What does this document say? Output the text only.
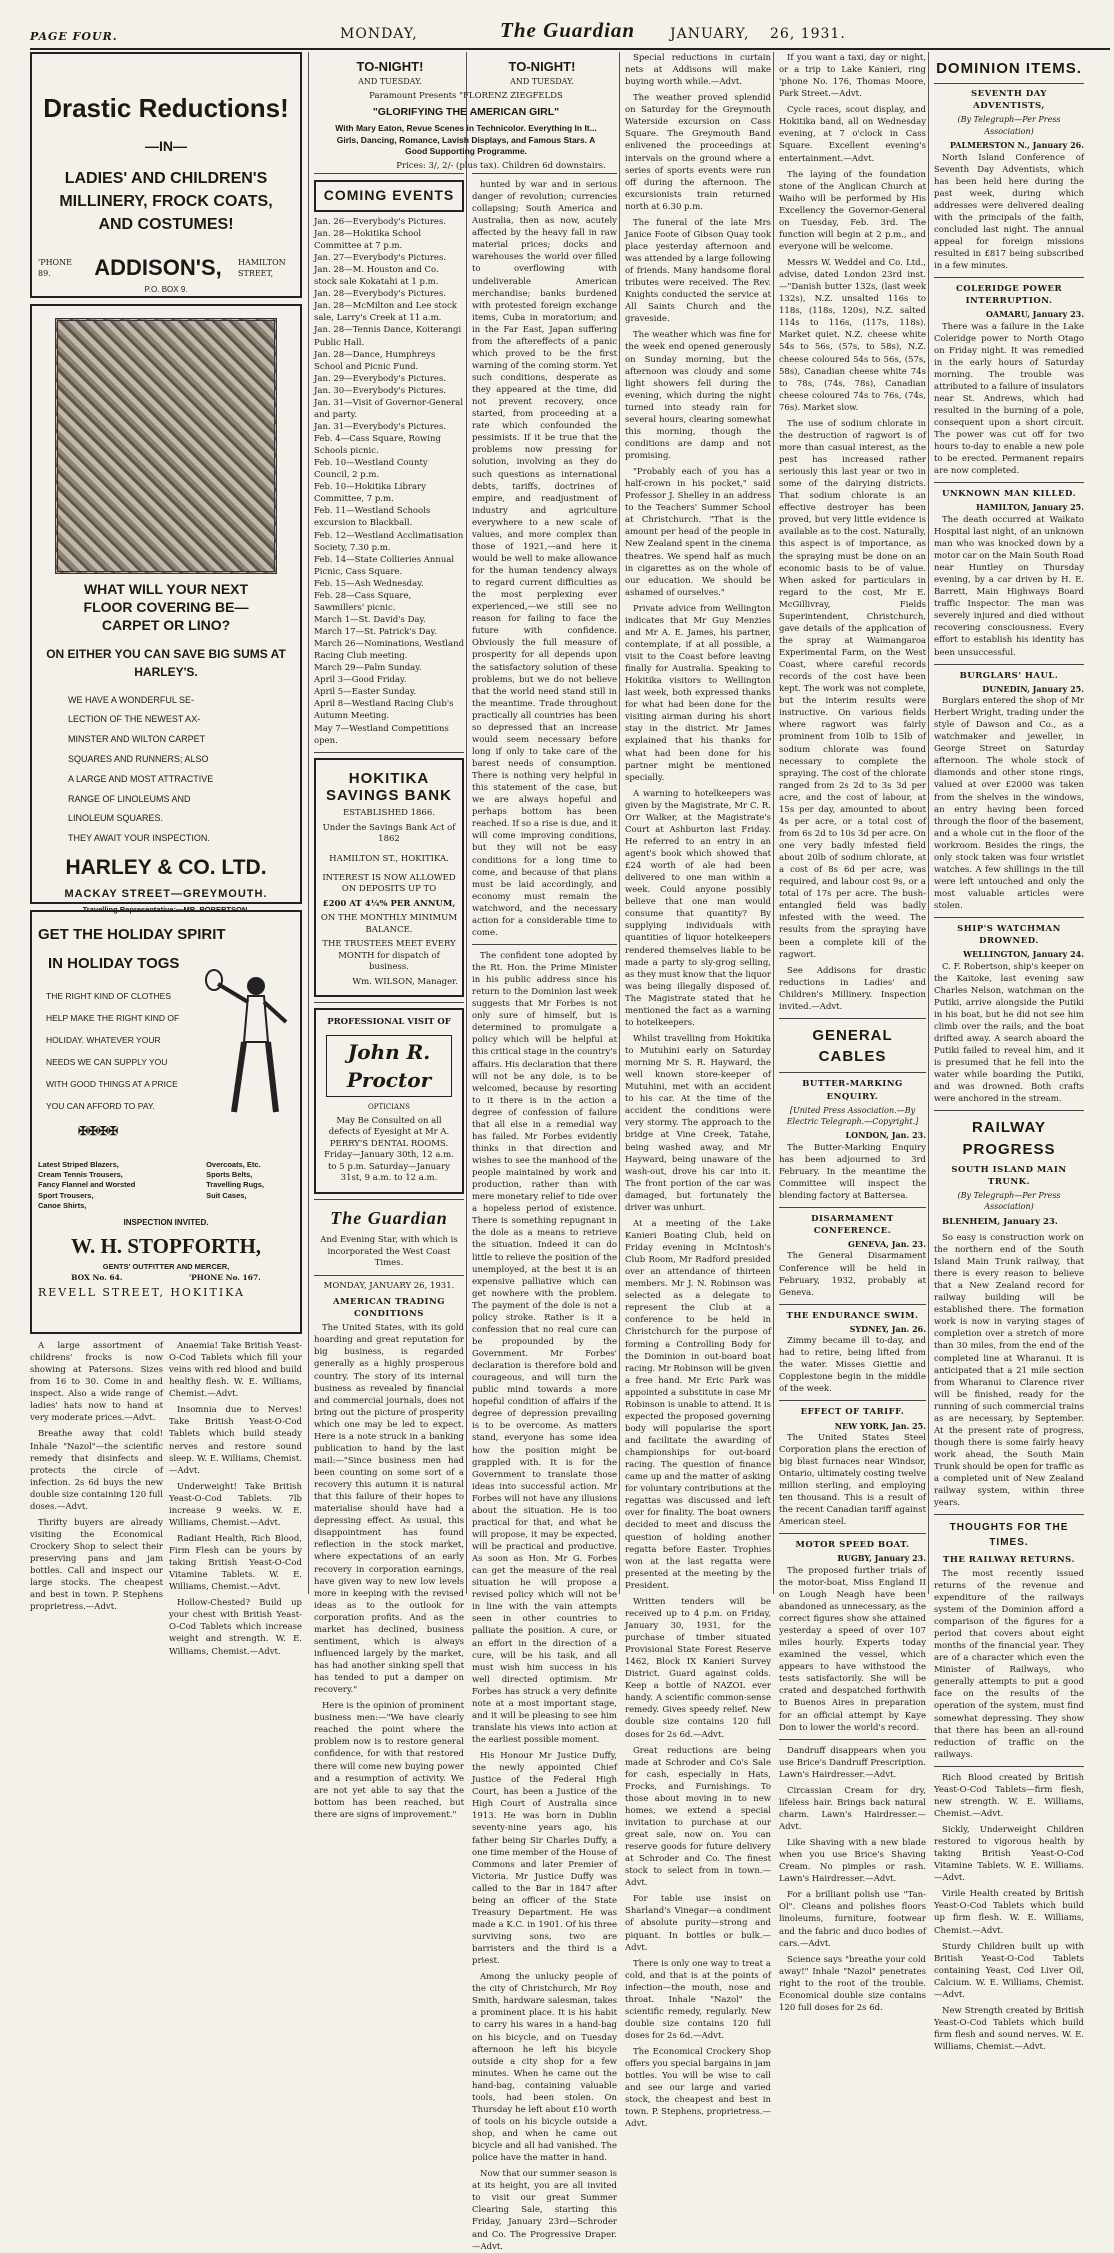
PAGE FOUR.	MONDAY,	The Guardian JANUARY, 26, 1931.
Drastic Reductions!
—IN—
LADIES' AND CHILDREN'S MILLINERY, FROCK COATS, AND COSTUMES!
'PHONE 89.	ADDISON'S, HAMILTON STREET,
P.O. BOX 9.
WHAT WILL YOUR NEXT FLOOR COVERING BE—CARPET OR LINO?
ON EITHER YOU CAN SAVE BIG SUMS AT HARLEY'S.
WE HAVE A WONDERFUL SE-
LECTION OF THE NEWEST AX-
MINSTER AND WILTON CARPET
SQUARES AND RUNNERS; ALSO
A LARGE AND MOST ATTRACTIVE
RANGE OF LINOLEUMS AND
LINOLEUM SQUARES.
THEY AWAIT YOUR INSPECTION.
HARLEY & CO. LTD.
MACKAY STREET—GREYMOUTH.
Travelling Representative:—MR. ROBERTSON.
GET THE HOLIDAY SPIRIT
IN HOLIDAY TOGS
THE RIGHT KIND OF CLOTHES
HELP MAKE THE RIGHT KIND OF
HOLIDAY. WHATEVER YOUR
NEEDS WE CAN SUPPLY YOU
WITH GOOD THINGS AT A PRICE
YOU CAN AFFORD TO PAY.
✠✠✠✠
Latest Striped Blazers,
Cream Tennis Trousers,
Fancy Flannel and Worsted
Sport Trousers,
Canoe Shirts,
Overcoats, Etc.
Sports Belts,
Travelling Rugs,
Suit Cases,
INSPECTION INVITED.
W. H. STOPFORTH,
GENTS' OUTFITTER AND MERCER,
BOX No. 64.	'PHONE No. 167.
REVELL STREET, HOKITIKA

A large assortment of childrens' frocks is now showing at Patersons. Sizes from 16 to 30. Come in and inspect. Also a wide range of ladies' hats now to hand at very moderate prices.—Advt.

Breathe away that cold! Inhale "Nazol"—the scientific remedy that disinfects and protects the circle of infection. 2s 6d buys the new double size containing 120 full doses.—Advt.

Thrifty buyers are already visiting the Economical Crockery Shop to select their preserving pans and jam bottles. Call and inspect our large stocks. The cheapest and best in town. P. Stephens proprietress.—Advt.

Anaemia! Take British Yeast-O-Cod Tablets which fill your veins with red blood and build healthy flesh. W. E. Williams, Chemist.—Advt.

Insomnia due to Nerves! Take British Yeast-O-Cod Tablets which build steady nerves and restore sound sleep. W. E. Williams, Chemist.—Advt.

Underweight! Take British Yeast-O-Cod Tablets. 7lb increase 9 weeks. W. E. Williams, Chemist.—Advt.

Radiant Health, Rich Blood, Firm Flesh can be yours by taking British Yeast-O-Cod Vitamine Tablets. W. E. Williams, Chemist.—Advt.

Hollow-Chested? Build up your chest with British Yeast-O-Cod Tablets which increase weight and strength. W. E. Williams, Chemist.—Advt.

TO-NIGHT!	TO-NIGHT!
AND TUESDAY.	AND TUESDAY.
Paramount Presents "FLORENZ ZIEGFELDS
"GLORIFYING THE AMERICAN GIRL"
With Mary Eaton, Revue Scenes in Technicolor. Everything In It... Girls, Dancing, Romance, Lavish Displays, and Famous Stars. A Good Supporting Programme.
Prices: 3/, 2/- (plus tax). Children 6d downstairs.
COMING EVENTS
Jan. 26—Everybody's Pictures.
Jan. 28—Hokitika School Committee at 7 p.m.
Jan. 27—Everybody's Pictures.
Jan. 28—M. Houston and Co. stock sale Kokatahi at 1 p.m.
Jan. 28—Everybody's Pictures.
Jan. 28—McMilton and Lee stock sale, Larry's Creek at 11 a.m.
Jan. 28—Tennis Dance, Koiterangi Public Hall.
Jan. 28—Dance, Humphreys School and Picnic Fund.
Jan. 29—Everybody's Pictures.
Jan. 30—Everybody's Pictures.
Jan. 31—Visit of Governor-General and party.
Jan. 31—Everybody's Pictures.
Feb. 4—Cass Square, Rowing Schools picnic.
Feb. 10—Westland County Council, 2 p.m.
Feb. 10—Hokitika Library Committee, 7 p.m.
Feb. 11—Westland Schools excursion to Blackball.
Feb. 12—Westland Acclimatisation Society, 7.30 p.m.
Feb. 14—State Collieries Annual Picnic, Cass Square.
Feb. 15—Ash Wednesday.
Feb. 28—Cass Square, Sawmillers' picnic.
March 1—St. David's Day.
March 17—St. Patrick's Day.
March 26—Nominations, Westland Racing Club meeting.
March 29—Palm Sunday.
April 3—Good Friday.
April 5—Easter Sunday.
April 8—Westland Racing Club's Autumn Meeting.
May 7—Westland Competitions open.
HOKITIKA SAVINGS BANK
ESTABLISHED 1866.
Under the Savings Bank Act of 1862
HAMILTON ST., HOKITIKA.
INTEREST IS NOW ALLOWED ON DEPOSITS UP TO
£200 AT 4¼% PER ANNUM,
ON THE MONTHLY MINIMUM BALANCE.
THE TRUSTEES MEET EVERY MONTH for dispatch of business.
Wm. WILSON, Manager.
PROFESSIONAL VISIT OF
John R. Proctor
OPTICIANS
May Be Consulted on all defects of Eyesight at Mr A. PERRY'S DENTAL ROOMS. Friday—January 30th, 12 a.m. to 5 p.m. Saturday—January 31st, 9 a.m. to 12 a.m.
The Guardian
And Evening Star, with which is incorporated the West Coast Times.
MONDAY, JANUARY 26, 1931.
AMERICAN TRADING CONDITIONS

The United States, with its gold hoarding and great reputation for big business, is regarded generally as a highly prosperous country. The story of its internal business as revealed by financial and commercial journals, does not bring out the picture of prosperity which one may be led to expect. Here is a note struck in a banking publication to hand by the last mail:—"Since business men had been counting on some sort of a recovery this autumn it is natural that this failure of their hopes to materialise should have had a depressing effect. As usual, this disappointment has found reflection in the stock market, where expectations of an early recovery in corporation earnings, have given way to new low levels more in keeping with the revised ideas as to the outlook for corporation profits. And as the market has declined, business sentiment, which is always influenced largely by the market, has had another sinking spell that has tended to put a damper on recovery."

Here is the opinion of prominent business men:—"We have clearly reached the point where the problem now is to restore general confidence, for with that restored there will come new buying power and a resumption of activity. We are not yet able to say that the bottom has been reached, but there are signs of improvement."

hunted by war and in serious danger of revolution; currencies collapsing; South America and Australia, then as now, acutely affected by the heavy fall in raw material prices; docks and warehouses the world over filled to overflowing with undeliverable American merchandise; banks burdened with protested foreign exchange items, Cuba in moratorium; and in the Far East, Japan suffering from the aftereffects of a panic which proved to be the first warning of the coming storm. Yet such conditions, desperate as they appeared at the time, did not prevent recovery, once started, from proceeding at a rate which confounded the pessimists. If it be true that the problems now pressing for solution, involving as they do such questions as international debts, tariffs, doctrines of empire, and readjustment of industry and agriculture everywhere to a new scale of values, and more complex than those of 1921,—and here it would be well to make allowance for the human tendency always to regard current difficulties as the most perplexing ever experienced,—we still see no reason for failing to face the future with confidence. Obviously the full measure of prosperity for all depends upon the satisfactory solution of these problems, but we do not believe that the world need stand still in the meantime. Trade throughout practically all countries has been so depressed that an increase would seem necessary before long if only to take care of the barest needs of consumption. There is nothing very helpful in this statement of the case, but we are always hopeful and perhaps bottom has been reached. If so a rise is due, and it will come improving conditions, but they will not be easy conditions for a long time to come, and because of that plans must be laid accordingly, and economy must remain the watchword, and the necessary action for a considerable time to come.

The confident tone adopted by the Rt. Hon. the Prime Minister in his public address since his return to the Dominion last week suggests that Mr Forbes is not only sure of himself, but is determined to promulgate a policy which will be helpful at this critical stage in the country's affairs. His declaration that there will not be any dole, is to be welcomed, because by resorting to it there is in the action a degree of confession of failure that all else in a remedial way has failed. Mr Forbes evidently thinks in that direction and wishes to see the manhood of the people maintained by work and production, rather than with mere monetary relief to tide over a hopeless period of existence. There is something repugnant in the dole as a means to retrieve the situation. Indeed it can do little to relieve the position of the unemployed, at the best it is an expensive palliative which can get nowhere with the problem. The payment of the dole is not a policy stroke. Rather is it a confession that no real cure can be propounded by the Government. Mr Forbes' declaration is therefore bold and courageous, and will turn the public mind towards a more hopeful condition of affairs if the degree of depression prevailing is to be overcome. As matters stand, everyone has some idea how the position might be grappled with. It is for the Government to translate those ideas into successful action. Mr Forbes will not have any illusions about the situation. He is too practical for that, and what he will propose, it may be expected, will be practical and productive. As soon as Hon. Mr G. Forbes can get the measure of the real situation he will propose a revised policy which will not be in line with the vain attempts seen in other countries to palliate the position. A cure, or an effort in the direction of a cure, will be his task, and all must wish him success in his well directed optimism. Mr Forbes has struck a very definite note at a most important stage, and it will be pleasing to see him translate his views into action at the earliest possible moment.

His Honour Mr Justice Duffy, the newly appointed Chief Justice of the Federal High Court, has been a Justice of the High Court of Australia since 1913. He was born in Dublin seventy-nine years ago, his father being Sir Charles Duffy, a one time member of the House of Commons and later Premier of Victoria. Mr Justice Duffy was called to the Bar in 1847 after being an officer of the State Treasury Department. He was made a K.C. in 1901. Of his three surviving sons, two are barristers and the third is a priest.

Among the unlucky people of the city of Christchurch, Mr Roy Smith, hardware salesman, takes a prominent place. It is his habit to carry his wares in a hand-bag on his bicycle, and on Tuesday afternoon he left his bicycle outside a city shop for a few minutes. When he came out the hand-bag, containing valuable tools, had been stolen. On Thursday he left about £10 worth of tools on his bicycle outside a shop, and when he came out bicycle and all had vanished. The police have the matter in hand.

Now that our summer season is at its height, you are all invited to visit our great Summer Clearing Sale, starting this Friday, January 23rd—Schroder and Co. The Progressive Draper.—Advt.

Special reductions in curtain nets at Addisons will make buying worth while.—Advt.

The weather proved splendid on Saturday for the Greymouth Waterside excursion on Cass Square. The Greymouth Band enlivened the proceedings at intervals on the ground where a series of sports events were run off during the afternoon. The excursionists train returned north at 6.30 p.m.

The funeral of the late Mrs Janice Foote of Gibson Quay took place yesterday afternoon and was attended by a large following of friends. Many handsome floral tributes were received. The Rev. Knights conducted the service at All Saints Church and the graveside.

The weather which was fine for the week end opened generously on Sunday morning, but the afternoon was cloudy and some light showers fell during the evening, which during the night turned into steady rain for several hours, clearing somewhat this morning, though the conditions are damp and not promising.

"Probably each of you has a half-crown in his pocket," said Professor J. Shelley in an address to the Teachers' Summer School at Christchurch. "That is the amount per head of the people in New Zealand spent in the cinema theatres. We spend half as much in cigarettes as on the whole of our education. We should be ashamed of ourselves."

Private advice from Wellington indicates that Mr Guy Menzies and Mr A. E. James, his partner, contemplate, if at all possible, a visit to the Coast before leaving finally for Australia. Speaking to Hokitika visitors to Wellington last week, both expressed thanks for what had been done for the visiting airman during his short stay in the district. Mr James explained that his thanks for what had been done for his partner might be mentioned specially.

A warning to hotelkeepers was given by the Magistrate, Mr C. R. Orr Walker, at the Magistrate's Court at Ashburton last Friday. He referred to an entry in an agent's book which showed that £24 worth of ale had been delivered to one man within a week. Could anyone possibly believe that one man would consume that quantity? By supplying individuals with quantities of liquor hotelkeepers rendered themselves liable to be made a party to sly-grog selling, as they must know that the liquor was being illegally disposed of. The Magistrate stated that he mentioned the fact as a warning to hotelkeepers.

Whilst travelling from Hokitika to Mutuhini early on Saturday morning Mr S. R. Hayward, the well known store-keeper of Mutuhini, met with an accident to his car. At the time of the accident the conditions were very stormy. The approach to the bridge at Vine Creek, Tatahe, being washed away, and Mr Hayward, being unaware of the wash-out, drove his car into it. The front portion of the car was damaged, but fortunately the driver was unhurt.

At a meeting of the Lake Kanieri Boating Club, held on Friday evening in McIntosh's Club Room, Mr Radford presided over an attendance of thirteen members. Mr J. N. Robinson was selected as a delegate to represent the Club at a conference to be held in Christchurch for the purpose of forming a Controlling Body for the Dominion in out-board boat racing. Mr Robinson will be given a free hand. Mr Eric Park was appointed a substitute in case Mr Robinson is unable to attend. It is expected the proposed governing body will popularise the sport and facilitate the awarding of championships for out-board racing. The question of finance came up and the matter of asking for voluntary contributions at the regattas was discussed and left over for finality. The boat owners decided to meet and discuss the question of holding another regatta before Easter. Trophies won at the last regatta were presented at the meeting by the President.

Written tenders will be received up to 4 p.m. on Friday, January 30, 1931, for the purchase of timber situated Provisional State Forest Reserve 1462, Block IX Kanieri Survey District. Guard against colds. Keep a bottle of NAZOL ever handy. A scientific common-sense remedy. Gives speedy relief. New double size contains 120 full doses for 2s 6d.—Advt.

Great reductions are being made at Schroder and Co's Sale for cash, especially in Hats, Frocks, and Furnishings. To those about moving in to new homes, we extend a special invitation to purchase at our great sale, now on. You can reserve goods for future delivery at Schroder and Co. The finest stock to select from in town.—Advt.

For table use insist on Sharland's Vinegar—a condiment of absolute purity—strong and piquant. In bottles or bulk.—Advt.

There is only one way to treat a cold, and that is at the points of infection—the mouth, nose and throat. Inhale "Nazol" the scientific remedy, regularly. New double size contains 120 full doses for 2s 6d.—Advt.

The Economical Crockery Shop offers you special bargains in jam bottles. You will be wise to call and see our large and varied stock, the cheapest and best in town. P. Stephens, proprietress.—Advt.

If you want a taxi, day or night, or a trip to Lake Kanieri, ring 'phone No. 176, Thomas Moore, Park Street.—Advt.

Cycle races, scout display, and Hokitika band, all on Wednesday evening, at 7 o'clock in Cass Square. Excellent evening's entertainment.—Advt.

The laying of the foundation stone of the Anglican Church at Waiho will be performed by His Excellency the Governor-General on Tuesday, Feb. 3rd. The function will begin at 2 p.m., and everyone will be welcome.

Messrs W. Weddel and Co. Ltd., advise, dated London 23rd inst.—"Danish butter 132s, (last week 132s), N.Z. unsalted 116s to 118s, (118s, 120s), N.Z. salted 114s to 116s, (117s, 118s). Market quiet. N.Z. cheese white 54s to 56s, (57s, to 58s), N.Z. cheese coloured 54s to 56s, (57s, 58s), Canadian cheese white 74s to 78s, (74s, 78s), Canadian cheese coloured 74s to 76s, (74s, 76s). Market slow.

The use of sodium chlorate in the destruction of ragwort is of more than casual interest, as the pest has increased rather seriously this last year or two in some of the dairying districts. That sodium chlorate is an effective destroyer has been proved, but very little evidence is available as to the cost. Naturally, this aspect is of importance, as the spraying must be done on an economic basis to be of value. When asked for particulars in regard to the cost, Mr E. McGillivray, Fields Superintendent, Christchurch, gave details of the application of the spray at Waimangaroa Experimental Farm, on the West Coast, where careful records records of the cost have been kept. The work was not complete, but the interim results were instructive. On various fields where ragwort was fairly prominent from 10lb to 15lb of sodium chlorate was found necessary to complete the spraying. The cost of the chlorate ranged from 2s 2d to 3s 3d per acre, and the cost of labour, at 15s per day, amounted to about 4s per acre, or a total cost of from 6s 2d to 10s 3d per acre. On one very badly infested field about 20lb of sodium chlorate, at a cost of 8s 6d per acre, was required, and labour cost 9s, or a total of 17s per acre. The bush-entangled field was badly infested with the weed. The results from the spraying have been a complete kill of the ragwort.

See Addisons for drastic reductions in Ladies' and Children's Millinery. Inspection invited.—Advt.

GENERAL CABLES
BUTTER-MARKING ENQUIRY.
[United Press Association.—By Electric Telegraph.—Copyright.]
LONDON, Jan. 23.

The Butter-Marking Enquiry has been adjourned to 3rd February. In the meantime the Committee will inspect the blending factory at Battersea.

DISARMAMENT CONFERENCE.
GENEVA, Jan. 23.

The General Disarmament Conference will be held in February, 1932, probably at Geneva.

THE ENDURANCE SWIM.
SYDNEY, Jan. 26.

Zimmy became ill to-day, and had to retire, being lifted from the water. Misses Giettie and Copplestone begin in the middle of the week.

EFFECT OF TARIFF.
NEW YORK, Jan. 25.

The United States Steel Corporation plans the erection of big blast furnaces near Windsor, Ontario, ultimately costing twelve million sterling, and employing ten thousand. This is a result of the recent Canadian tariff against American steel.

MOTOR SPEED BOAT.
RUGBY, January 23.

The proposed further trials of the motor-boat, Miss England II on Lough Neagh have been abandoned as unnecessary, as the correct figures show she attained yesterday a speed of over 107 miles hourly. Experts today examined the vessel, which appears to have withstood the tests satisfactorily. She will be crated and despatched forthwith to Buenos Aires in preparation for an official attempt by Kaye Don to lower the world's record.

Dandruff disappears when you use Brice's Dandruff Prescription. Lawn's Hairdresser.—Advt.

Circassian Cream for dry, lifeless hair. Brings back natural charm. Lawn's Hairdresser.—Advt.

Like Shaving with a new blade when you use Brice's Shaving Cream. No pimples or rash. Lawn's Hairdresser.—Advt.

For a brilliant polish use "Tan-Ol". Cleans and polishes floors linoleums, furniture, footwear and the fabric and duco bodies of cars.—Advt.

Science says "breathe your cold away!" Inhale "Nazol" penetrates right to the root of the trouble. Economical double size contains 120 full doses for 2s 6d.

DOMINION ITEMS.
SEVENTH DAY ADVENTISTS,
(By Telegraph—Per Press Association)
PALMERSTON N., January 26.

North Island Conference of Seventh Day Adventists, which has been held here during the past week, during which addresses were delivered dealing with the principals of the faith, concluded last night. The annual appeal for foreign missions resulted in £817 being subscribed in a few minutes.

COLERIDGE POWER INTERRUPTION.
OAMARU, January 23.

There was a failure in the Lake Coleridge power to North Otago on Friday night. It was remedied in the early hours of Saturday morning. The trouble was attributed to a failure of insulators near St. Andrews, which had resulted in the burning of a pole, consequent upon a short circuit. The power was cut off for two hours to-day to enable a new pole to be erected. Permanent repairs are now completed.

UNKNOWN MAN KILLED.
HAMILTON, January 25.

The death occurred at Waikato Hospital last night, of an unknown man who was knocked down by a motor car on the Main South Road near Huntley on Thursday evening, by a car driven by H. E. Barrett, Main Highways Board traffic Inspector. The man was severely injured and died without recovering consciousness. Every effort to establish his identity has been unsuccessful.

BURGLARS' HAUL.
DUNEDIN, January 25.

Burglars entered the shop of Mr Herbert Wright, trading under the style of Dawson and Co., as a watchmaker and jeweller, in George Street on Saturday afternoon. The whole stock of diamonds and other stone rings, valued at over £2000 was taken from the shelves in the windows, an entry having been forced through the floor of the basement, and a whole cut in the floor of the workroom. Besides the rings, the only stock taken was four wristlet watches. A few shillings in the till were left untouched and only the most valuable articles were stolen.

SHIP'S WATCHMAN DROWNED.
WELLINGTON, January 24.

C. F. Robertson, ship's keeper on the Kaitoke, last evening saw Charles Nelson, watchman on the Putiki, arrive alongside the Putiki in his boat, but he did not see him climb over the rails, and the boat drifted away. A search aboard the Putiki failed to reveal him, and it is presumed that he fell into the water while boarding the Putiki, and was drowned. Both crafts were anchored in the stream.

RAILWAY PROGRESS
SOUTH ISLAND MAIN TRUNK.
(By Telegraph—Per Press Association)

BLENHEIM, January 23.

So easy is construction work on the northern end of the South Island Main Trunk railway, that there is every reason to believe that a New Zealand record for railway building will be established there. The formation work is now in varying stages of completion over a stretch of more than 30 miles, from the end of the completed line at Wharanui. It is anticipated that a 21 mile section from Wharanui to Clarence river will be finished, ready for the running of such commercial trains as are necessary, by September. At the present rate of progress, though there is some fairly heavy work ahead, the South Main Trunk should be open for traffic as a completed unit of New Zealand railway system, within three years.

THOUGHTS FOR THE TIMES.
THE RAILWAY RETURNS.

The most recently issued returns of the revenue and expenditure of the railways system of the Dominion afford a comparison of the figures for a period that covers about eight months of the financial year. They are of a character which even the Minister of Railways, who generally attempts to put a good face on the results of the operation of the system, must find somewhat depressing. They show that there has been an all-round reduction of traffic on the railways.

Rich Blood created by British Yeast-O-Cod Tablets—firm flesh, new strength. W. E. Williams, Chemist.—Advt.

Sickly, Underweight Children restored to vigorous health by taking British Yeast-O-Cod Vitamine Tablets. W. E. Williams.—Advt.

Virile Health created by British Yeast-O-Cod Tablets which build up firm flesh. W. E. Williams, Chemist.—Advt.

Sturdy Children built up with British Yeast-O-Cod Tablets containing Yeast, Cod Liver Oil, Calcium. W. E. Williams, Chemist.—Advt.

New Strength created by British Yeast-O-Cod Tablets which build firm flesh and sound nerves. W. E. Williams, Chemist.—Advt.
